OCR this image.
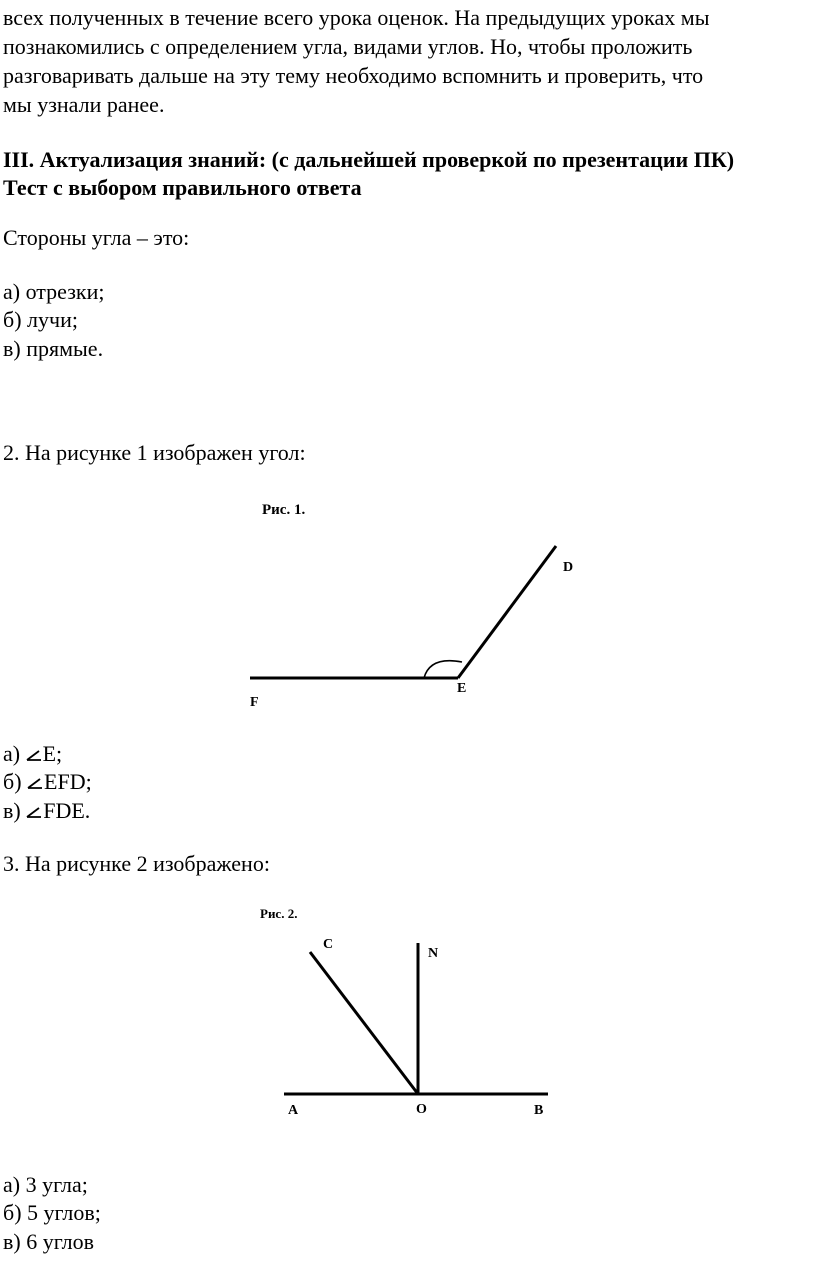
всех полученных в течение всего урока оценок. На предыдущих уроках мы

познакомились с определением угла, видами углов. Но, чтобы проложить

разговаривать дальше на эту тему необходимо вспомнить и проверить, что

мы узнали ранее.

III. Актуализация знаний: (с дальнейшей проверкой по презентации ПК)

Тест с выбором правильного ответа

Стороны угла – это:

а) отрезки;

б) лучи;

в) прямые.

2. На рисунке 1 изображен угол:

Рис. 1.
D
F
E

а) E;

б) EFD;

в) FDE.

3. На рисунке 2 изображено:

Рис. 2.
C
N
A	O	B

а) 3 угла;

б) 5 углов;

в) 6 углов
